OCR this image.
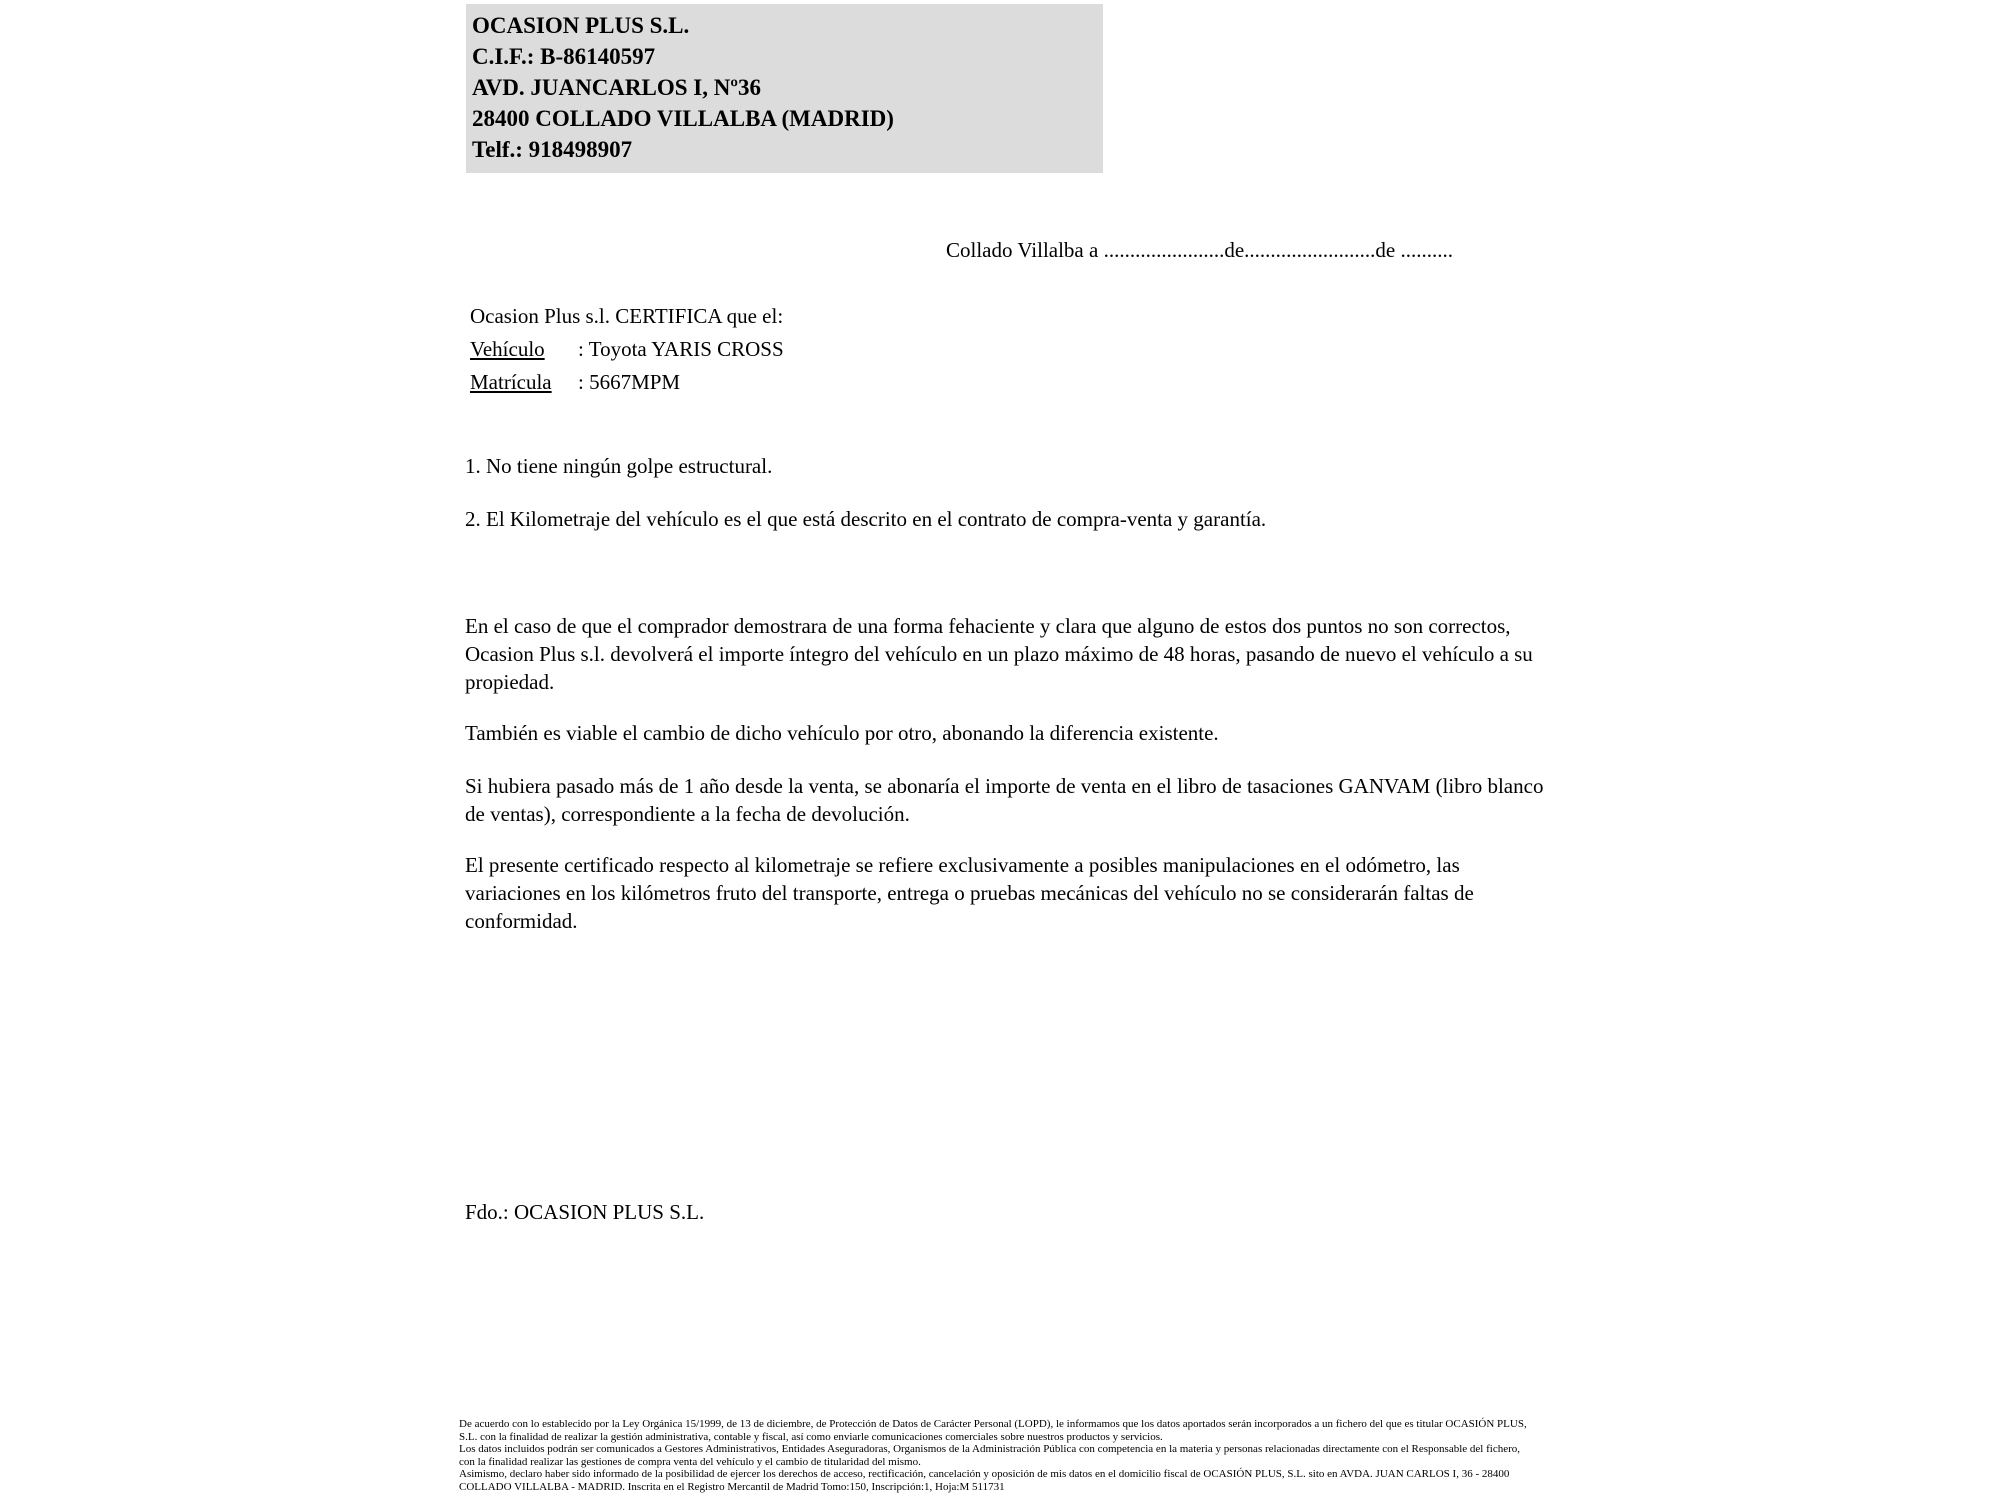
OCASION PLUS S.L.
C.I.F.: B-86140597
AVD. JUANCARLOS I, Nº36
28400 COLLADO VILLALBA (MADRID)
Telf.: 918498907
Collado Villalba a .......................de.........................de ..........
Ocasion Plus s.l. CERTIFICA que el:
Vehículo : Toyota YARIS CROSS
Matrícula : 5667MPM

1. No tiene ningún golpe estructural.

2. El Kilometraje del vehículo es el que está descrito en el contrato de compra-venta y garantía.

En el caso de que el comprador demostrara de una forma fehaciente y clara que alguno de estos dos puntos no son correctos, Ocasion Plus s.l. devolverá el importe íntegro del vehículo en un plazo máximo de 48 horas, pasando de nuevo el vehículo a su propiedad.

También es viable el cambio de dicho vehículo por otro, abonando la diferencia existente.

Si hubiera pasado más de 1 año desde la venta, se abonaría el importe de venta en el libro de tasaciones GANVAM (libro blanco de ventas), correspondiente a la fecha de devolución.

El presente certificado respecto al kilometraje se refiere exclusivamente a posibles manipulaciones en el odómetro, las variaciones en los kilómetros fruto del transporte, entrega o pruebas mecánicas del vehículo no se considerarán faltas de conformidad.

Fdo.: OCASION PLUS S.L.

De acuerdo con lo establecido por la Ley Orgánica 15/1999, de 13 de diciembre, de Protección de Datos de Carácter Personal (LOPD), le informamos que los datos aportados serán incorporados a un fichero del que es titular OCASIÓN PLUS, S.L. con la finalidad de realizar la gestión administrativa, contable y fiscal, así como enviarle comunicaciones comerciales sobre nuestros productos y servicios.

Los datos incluidos podrán ser comunicados a Gestores Administrativos, Entidades Aseguradoras, Organismos de la Administración Pública con competencia en la materia y personas relacionadas directamente con el Responsable del fichero, con la finalidad realizar las gestiones de compra venta del vehículo y el cambio de titularidad del mismo.

Asimismo, declaro haber sido informado de la posibilidad de ejercer los derechos de acceso, rectificación, cancelación y oposición de mis datos en el domicilio fiscal de OCASIÓN PLUS, S.L. sito en AVDA. JUAN CARLOS I, 36 - 28400 COLLADO VILLALBA - MADRID. Inscrita en el Registro Mercantil de Madrid Tomo:150, Inscripción:1, Hoja:M 511731
